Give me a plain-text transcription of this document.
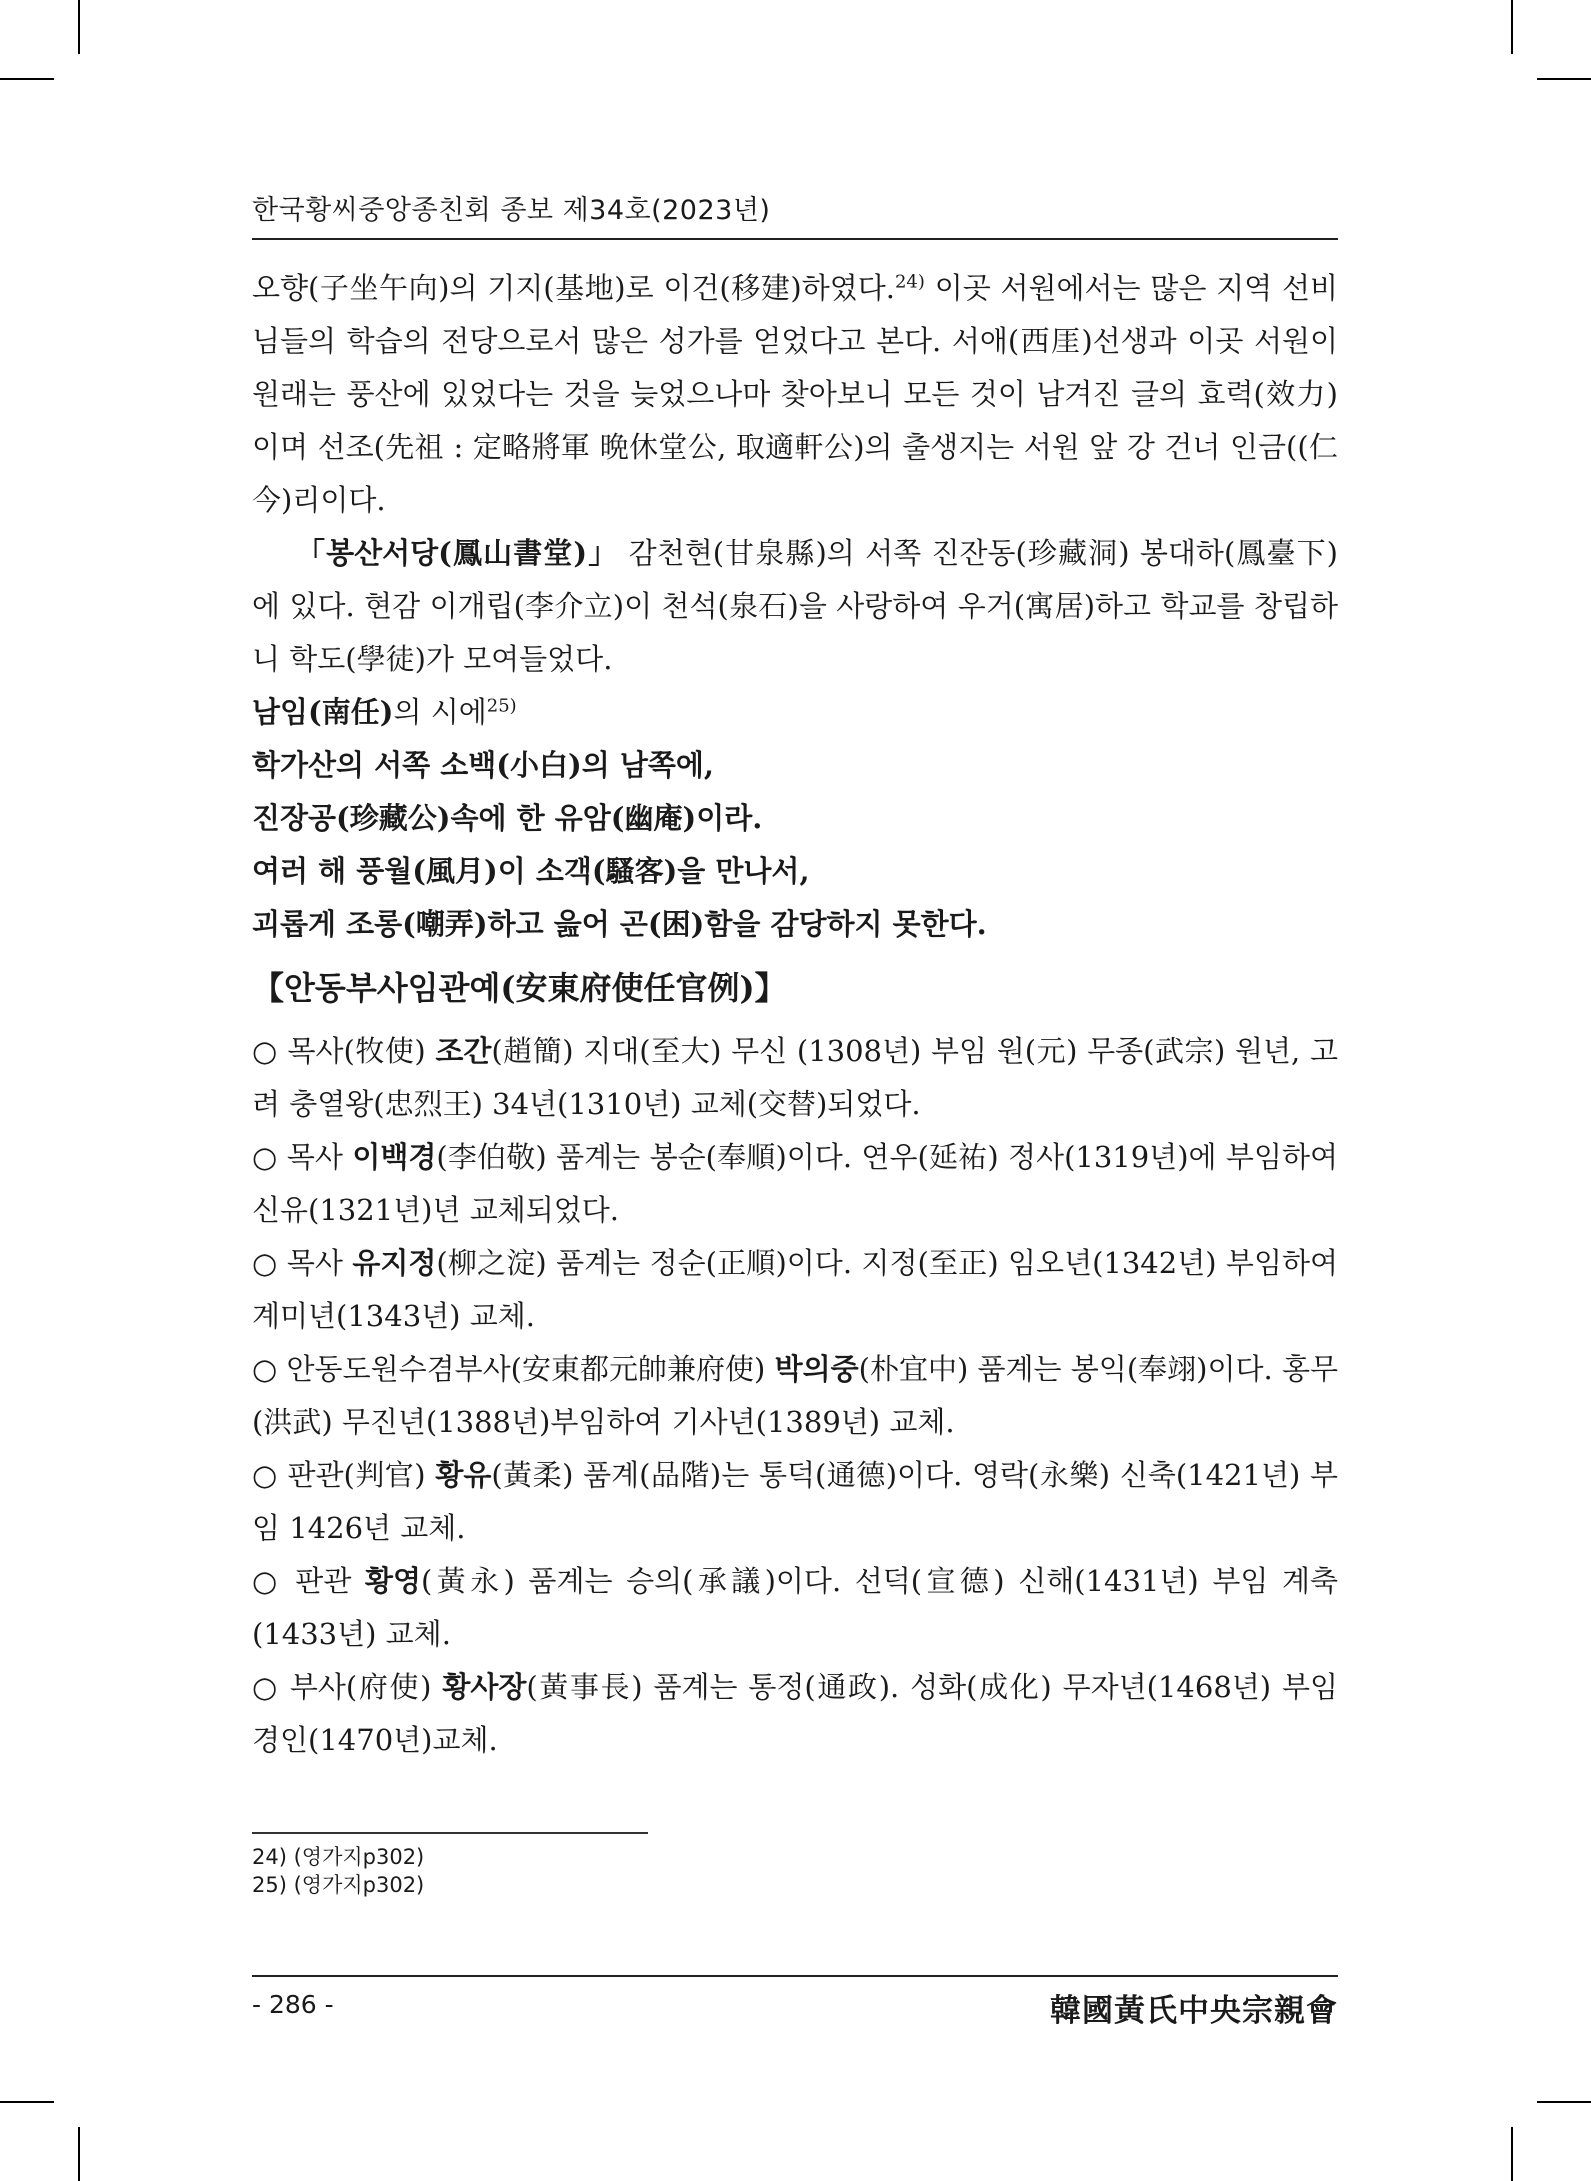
한국황씨중앙종친회 종보 제34호(2023년)

오향(子坐午向)의 기지(基地)로 이건(移建)하였다.$^{24)}$ 이곳 서원에서는 많은 지역 선비님들의 학습의 전당으로서 많은 성가를 얻었다고 본다. 서애(西厓)선생과 이곳 서원이 원래는 풍산에 있었다는 것을 늦었으나마 찾아보니 모든 것이 남겨진 글의 효력(效力)이며 선조(先祖 : 定略將軍 晩休堂公, 取適軒公)의 출생지는 서원 앞 강 건너 인금((仁今)리이다.

「봉산서당(鳳山書堂)」 감천현(甘泉縣)의 서쪽 진잔동(珍藏洞) 봉대하(鳳臺下)에 있다. 현감 이개립(李介立)이 천석(泉石)을 사랑하여 우거(寓居)하고 학교를 창립하니 학도(學徒)가 모여들었다.

남임(南任)의 시에$^{25)}$

학가산의 서쪽 소백(小白)의 남쪽에,

진장공(珍藏公)속에 한 유암(幽庵)이라.

여러 해 풍월(風月)이 소객(騷客)을 만나서,

괴롭게 조롱(嘲弄)하고 읊어 곤(困)함을 감당하지 못한다.

【안동부사임관예(安東府使任官例)】

○ 목사(牧使) 조간(趙簡) 지대(至大) 무신 (1308년) 부임 원(元) 무종(武宗) 원년, 고려 충열왕(忠烈王) 34년(1310년) 교체(交替)되었다.

○ 목사 이백경(李伯敬) 품계는 봉순(奉順)이다. 연우(延祐) 정사(1319년)에 부임하여 신유(1321년)년 교체되었다.

○ 목사 유지정(柳之淀) 품계는 정순(正順)이다. 지정(至正) 임오년(1342년) 부임하여 계미년(1343년) 교체.

○ 안동도원수겸부사(安東都元帥兼府使) 박의중(朴宜中) 품계는 봉익(奉翊)이다. 홍무(洪武) 무진년(1388년)부임하여 기사년(1389년) 교체.

○ 판관(判官) 황유(黃柔) 품계(品階)는 통덕(通德)이다. 영락(永樂) 신축(1421년) 부임 1426년 교체.

○ 판관 황영(黃永) 품계는 승의(承議)이다. 선덕(宣德) 신해(1431년) 부임 계축(1433년) 교체.

○ 부사(府使) 황사장(黃事長) 품계는 통정(通政). 성화(成化) 무자년(1468년) 부임 경인(1470년)교체.

24) (영가지p302)
25) (영가지p302)
- 286 -	韓國黃氏中央宗親會
